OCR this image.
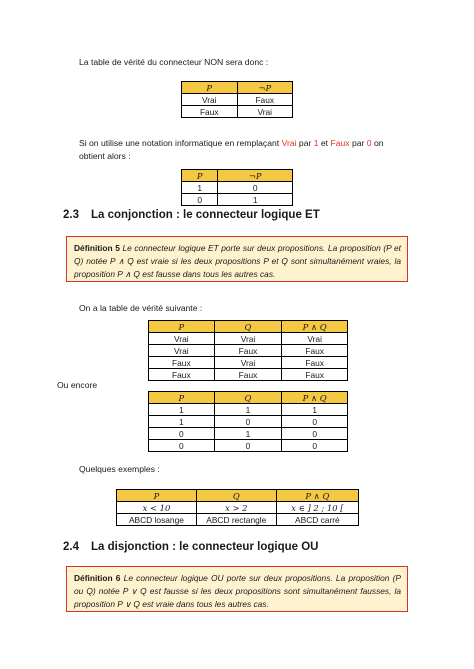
La table de vérité du connecteur NON sera donc :
P	¬P
Vrai	Faux
Faux	Vrai
Si on utilise une notation informatique en remplaçant Vrai par 1 et Faux par 0 on
obtient alors :
P	¬P
1	0
0	1
2.3 La conjonction : le connecteur logique ET
Définition 5 Le connecteur logique ET porte sur deux propositions. La proposition (P et Q) notée P ∧ Q est vraie si les deux propositions P et Q sont simultanément vraies, la proposition P ∧ Q est fausse dans tous les autres cas.
On a la table de vérité suivante :
P	Q	P ∧ Q
Vrai	Vrai	Vrai
Vrai	Faux	Faux
Faux	Vrai	Faux
Faux	Faux	Faux
Ou encore
P	Q	P ∧ Q
1	1	1
1	0	0
0	1	0
0	0	0
Quelques exemples :
P	Q	P ∧ Q
x < 10	x > 2	x ∈ ] 2 ; 10 [
ABCD losange	ABCD rectangle	ABCD carré
2.4 La disjonction : le connecteur logique OU
Définition 6 Le connecteur logique OU porte sur deux propositions. La proposition (P ou Q) notée P ∨ Q est fausse si les deux propositions sont simultanément fausses, la proposition P ∨ Q est vraie dans tous les autres cas.
